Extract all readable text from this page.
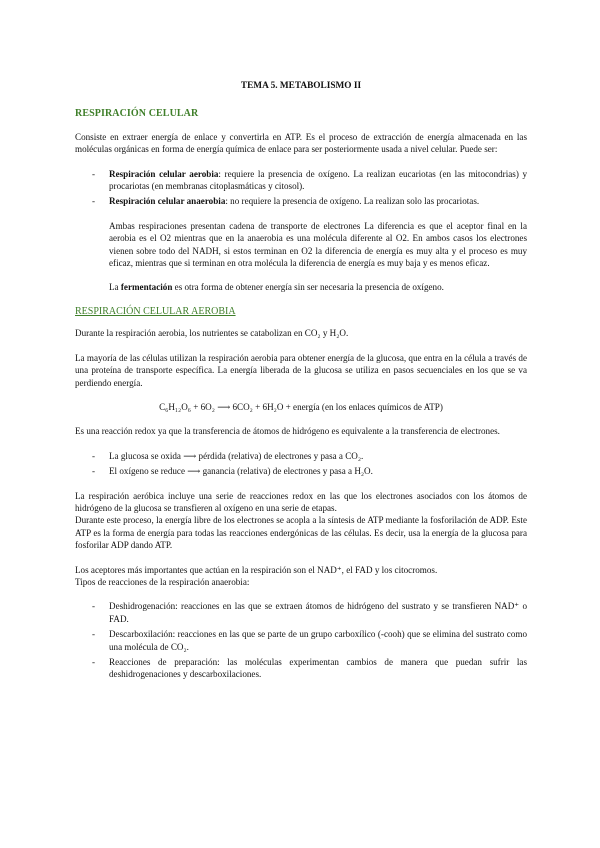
TEMA 5. METABOLISMO II
RESPIRACIÓN CELULAR

Consiste en extraer energía de enlace y convertirla en ATP. Es el proceso de extracción de energía almacenada en las moléculas orgánicas en forma de energía química de enlace para ser posteriormente usada a nivel celular. Puede ser:

- Respiración celular aerobia: requiere la presencia de oxígeno. La realizan eucariotas (en las mitocondrias) y procariotas (en membranas citoplasmáticas y citosol).
- Respiración celular anaerobia: no requiere la presencia de oxígeno. La realizan solo las procariotas.

Ambas respiraciones presentan cadena de transporte de electrones La diferencia es que el aceptor final en la aerobia es el O2 mientras que en la anaerobia es una molécula diferente al O2. En ambos casos los electrones vienen sobre todo del NADH, si estos terminan en O2 la diferencia de energía es muy alta y el proceso es muy eficaz, mientras que si terminan en otra molécula la diferencia de energía es muy baja y es menos eficaz.

La fermentación es otra forma de obtener energía sin ser necesaria la presencia de oxígeno.

RESPIRACIÓN CELULAR AEROBIA

Durante la respiración aerobia, los nutrientes se catabolizan en CO₂ y H₂O.

La mayoría de las células utilizan la respiración aerobia para obtener energía de la glucosa, que entra en la célula a través de una proteína de transporte específica. La energía liberada de la glucosa se utiliza en pasos secuenciales en los que se va perdiendo energía.

C₆H₁₂O₆ + 6O₂ ⟶ 6CO₂ + 6H₂O + energía (en los enlaces químicos de ATP)

Es una reacción redox ya que la transferencia de átomos de hidrógeno es equivalente a la transferencia de electrones.

- La glucosa se oxida ⟶ pérdida (relativa) de electrones y pasa a CO₂.
- El oxígeno se reduce ⟶ ganancia (relativa) de electrones y pasa a H₂O.

La respiración aeróbica incluye una serie de reacciones redox en las que los electrones asociados con los átomos de hidrógeno de la glucosa se transfieren al oxígeno en una serie de etapas.

Durante este proceso, la energía libre de los electrones se acopla a la síntesis de ATP mediante la fosforilación de ADP. Este ATP es la forma de energía para todas las reacciones endergónicas de las células. Es decir, usa la energía de la glucosa para fosforilar ADP dando ATP.

Los aceptores más importantes que actúan en la respiración son el NAD⁺, el FAD y los citocromos.

Tipos de reacciones de la respiración anaerobia:

- Deshidrogenación: reacciones en las que se extraen átomos de hidrógeno del sustrato y se transfieren NAD⁺ o FAD.
- Descarboxilación: reacciones en las que se parte de un grupo carboxílico (-cooh) que se elimina del sustrato como una molécula de CO₂.
- Reacciones de preparación: las moléculas experimentan cambios de manera que puedan sufrir las deshidrogenaciones y descarboxilaciones.
